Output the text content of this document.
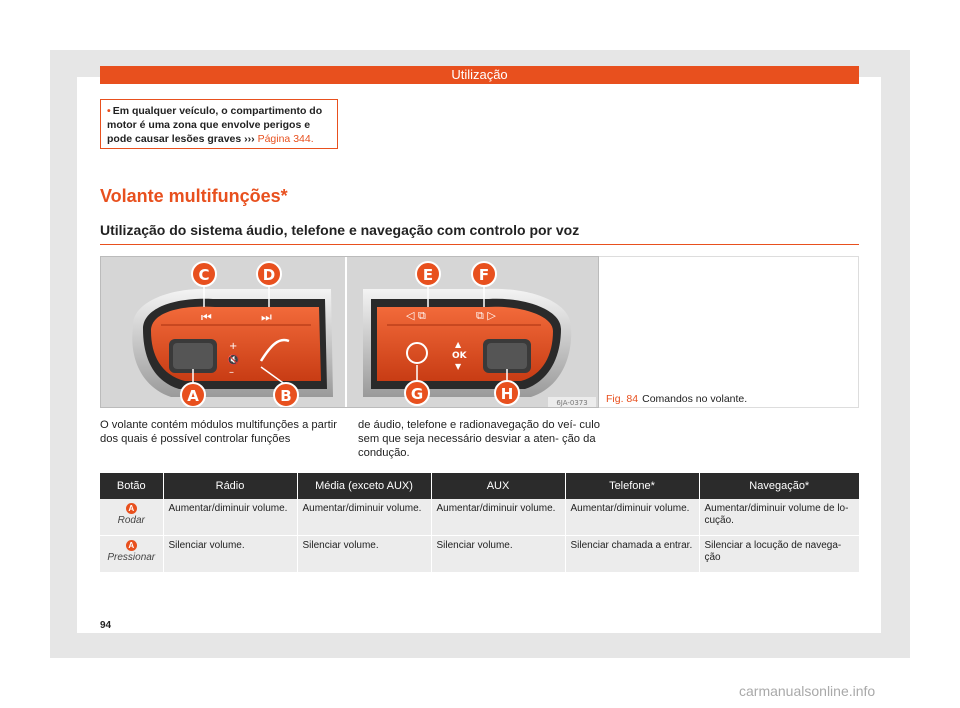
Utilização
• Em qualquer veículo, o compartimento do motor é uma zona que envolve perigos e pode causar lesões graves ››› Página 344.
Volante multifunções*
Utilização do sistema áudio, telefone e navegação com controlo por voz
⏮	⏭
+
🔇
–
◁ ⧉	⧉ ▷
▲
OK
▼
C	D
A	B
E	F
G	H	6JA-0373 Fig. 84 Comandos no volante.
O volante contém módulos multifunções a partir dos quais é possível controlar funções
de áudio, telefone e radionavegação do veí- culo sem que seja necessário desviar a aten- ção da condução.
Botão	Rádio	Média (exceto AUX)	AUX	Telefone*	Navegação*
A
Rodar	Aumentar/diminuir volume.	Aumentar/diminuir volume.	Aumentar/diminuir volume.	Aumentar/diminuir volume.	Aumentar/diminuir volume de lo- cução.
A
Pressionar	Silenciar volume.	Silenciar volume.	Silenciar volume.	Silenciar chamada a entrar.	Silenciar a locução de navega- ção
94
carmanualsonline.info
